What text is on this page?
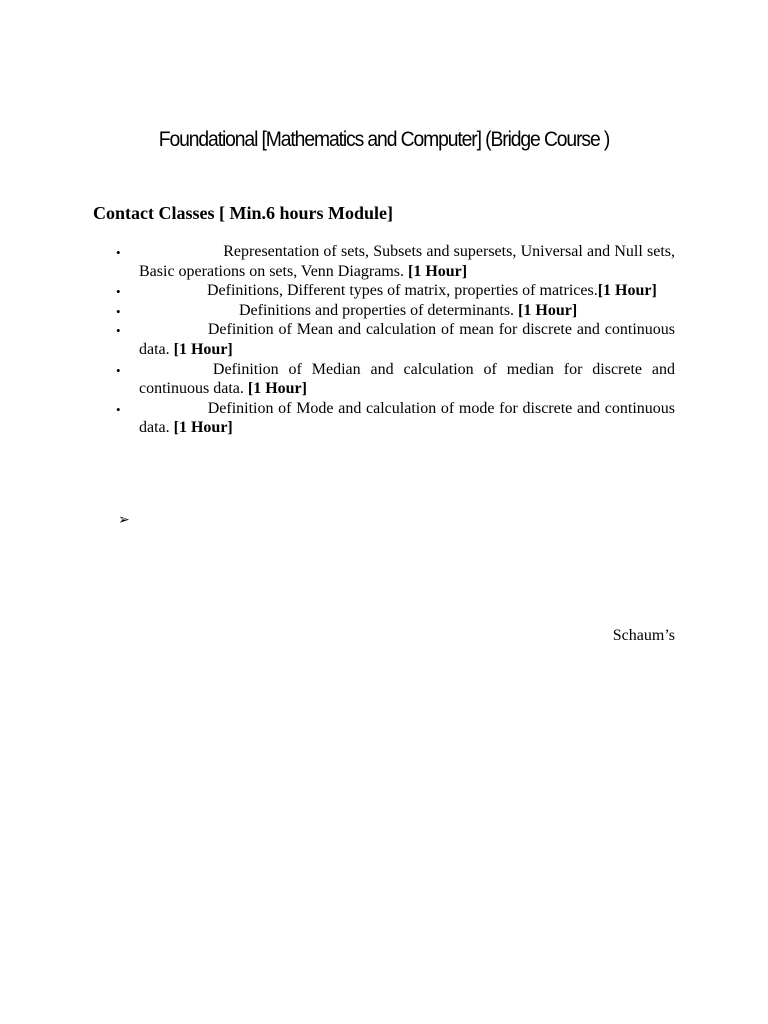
Foundational [Mathematics and Computer] (Bridge Course )
Contact Classes [ Min.6 hours Module]
•
     	Representation of sets, Subsets and supersets, Universal and Null sets, Basic operations on sets, Venn Diagrams. [1 Hour]
•
    	Definitions, Different types of matrix, properties of matrices.[1 Hour]
•
      	Definitions and properties of determinants. [1 Hour]
•
    	Definition of Mean and calculation of mean for discrete and continuous data. [1 Hour]
•
    	Definition of Median and calculation of median for discrete and continuous data. [1 Hour]
•
    	Definition of Mode and calculation of mode for discrete and continuous data. [1 Hour]
➢
Schaum’s
